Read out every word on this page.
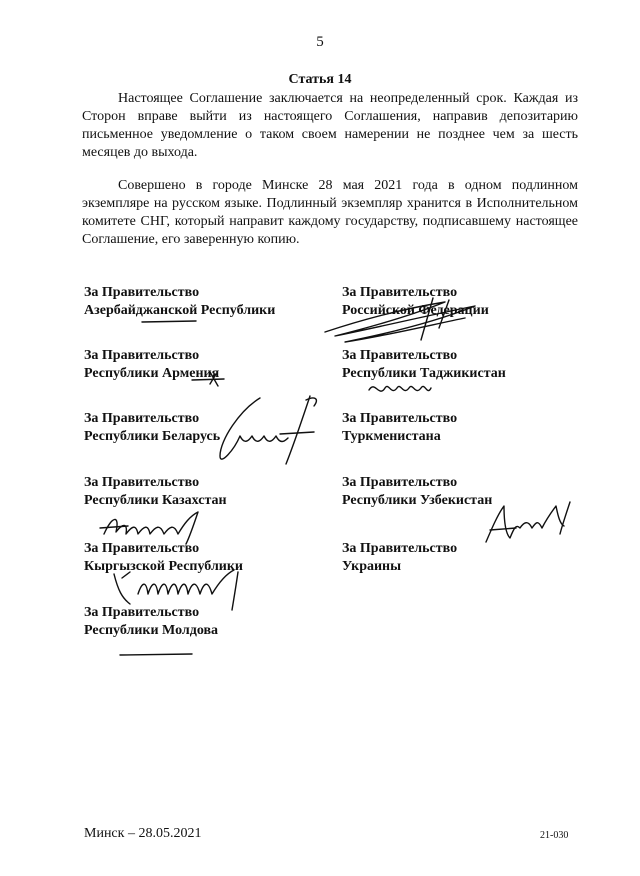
5
Статья 14

Настоящее Соглашение заключается на неопределенный срок. Каждая из Сторон вправе выйти из настоящего Соглашения, направив депозитарию письменное уведомление о таком своем намерении не позднее чем за шесть месяцев до выхода.

Совершено в городе Минске 28 мая 2021 года в одном подлинном экземпляре на русском языке. Подлинный экземпляр хранится в Исполнительном комитете СНГ, который направит каждому государству, подписавшему настоящее Соглашение, его заверенную копию.

За Правительство
Азербайджанской Республики
За Правительство
Республики Армения
За Правительство
Республики Беларусь
За Правительство
Республики Казахстан
За Правительство
Кыргызской Республики
За Правительство
Республики Молдова
За Правительство
Российской Федерации
За Правительство
Республики Таджикистан
За Правительство
Туркменистана
За Правительство
Республики Узбекистан
За Правительство
Украины
Минск – 28.05.2021	21-030
